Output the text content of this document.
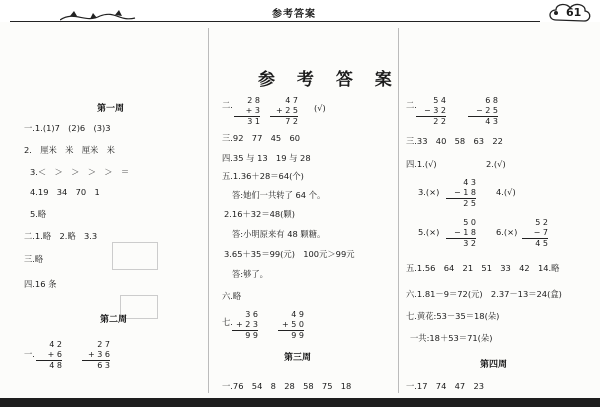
参考答案	61
参 考 答 案
第一周
一.1.(1)7　(2)6　(3)3
2.　厘米　米　厘米　米
3.＜　＞　＞　＞　＞　＝
4.19　34　70　1
5.略
二.1.略　2.略　3.3
三.略
四.16 条
第二周
一.
4 2
+ 6
4 8
2 7
+ 3 6
6 3
二.	2 8
+ 3
3 1
4 7
+ 2 5
7 2
(√)
三.92　77　45　60
四.35 与 13　19 与 28
五.1.36＋28＝64(个)
答:她们一共转了 64 个。
2.16＋32＝48(颗)
答:小明原来有 48 颗糖。
3.65＋35＝99(元)　100元＞99元
答:够了。
六.略
七.
3 6
+ 2 3
9 9
4 9
+ 5 0
9 9
第三周
一.76　54　8　28　58　75　18
二.	5 4
− 3 2
2 2
6 8
− 2 5
4 3
三.33　40　58　63　22
四.1.(√)	2.(√)
3.(×)
4 3
− 1 8
2 5
4.(√)
5.(×)
5 0
− 1 8
3 2
6.(×)
5 2
− 7
4 5
五.1.56　64　21　51　33　42　14.略
六.1.81－9＝72(元)　2.37－13＝24(盒)
七.黄花:53－35＝18(朵)
一共:18＋53＝71(朵)
第四周
一.17　74　47　23
